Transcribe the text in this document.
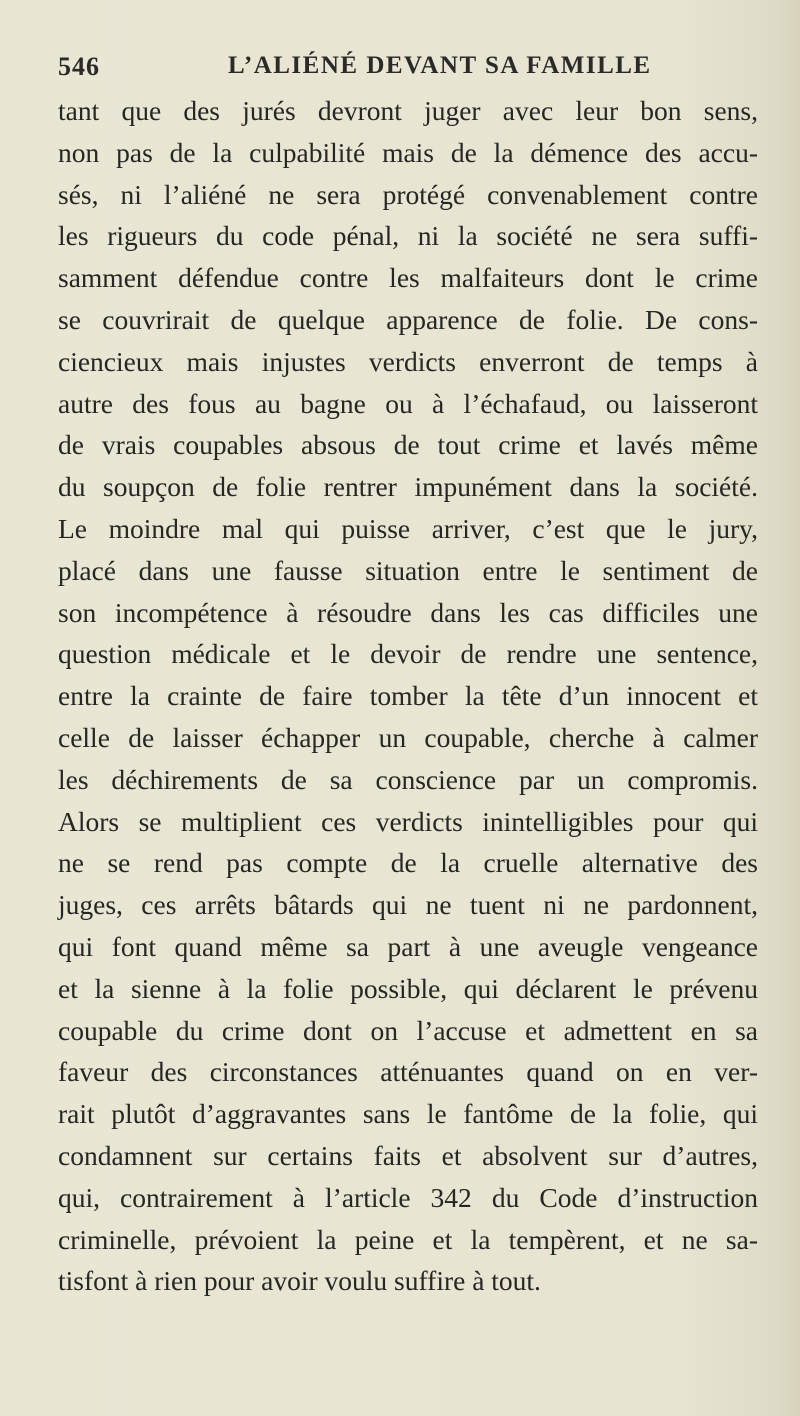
546	L’ALIÉNÉ DEVANT SA FAMILLE

tant que des jurés devront juger avec leur bon sens,
non pas de la culpabilité mais de la démence des accu-
sés, ni l’aliéné ne sera protégé convenablement contre
les rigueurs du code pénal, ni la société ne sera suffi-
samment défendue contre les malfaiteurs dont le crime
se couvrirait de quelque apparence de folie. De cons-
ciencieux mais injustes verdicts enverront de temps à
autre des fous au bagne ou à l’échafaud, ou laisseront
de vrais coupables absous de tout crime et lavés même
du soupçon de folie rentrer impunément dans la société.
Le moindre mal qui puisse arriver, c’est que le jury,
placé dans une fausse situation entre le sentiment de
son incompétence à résoudre dans les cas difficiles une
question médicale et le devoir de rendre une sentence,
entre la crainte de faire tomber la tête d’un innocent et
celle de laisser échapper un coupable, cherche à calmer
les déchirements de sa conscience par un compromis.
Alors se multiplient ces verdicts inintelligibles pour qui
ne se rend pas compte de la cruelle alternative des
juges, ces arrêts bâtards qui ne tuent ni ne pardonnent,
qui font quand même sa part à une aveugle vengeance
et la sienne à la folie possible, qui déclarent le prévenu
coupable du crime dont on l’accuse et admettent en sa
faveur des circonstances atténuantes quand on en ver-
rait plutôt d’aggravantes sans le fantôme de la folie, qui
condamnent sur certains faits et absolvent sur d’autres,
qui, contrairement à l’article 342 du Code d’instruction
criminelle, prévoient la peine et la tempèrent, et ne sa-
tisfont à rien pour avoir voulu suffire à tout.
